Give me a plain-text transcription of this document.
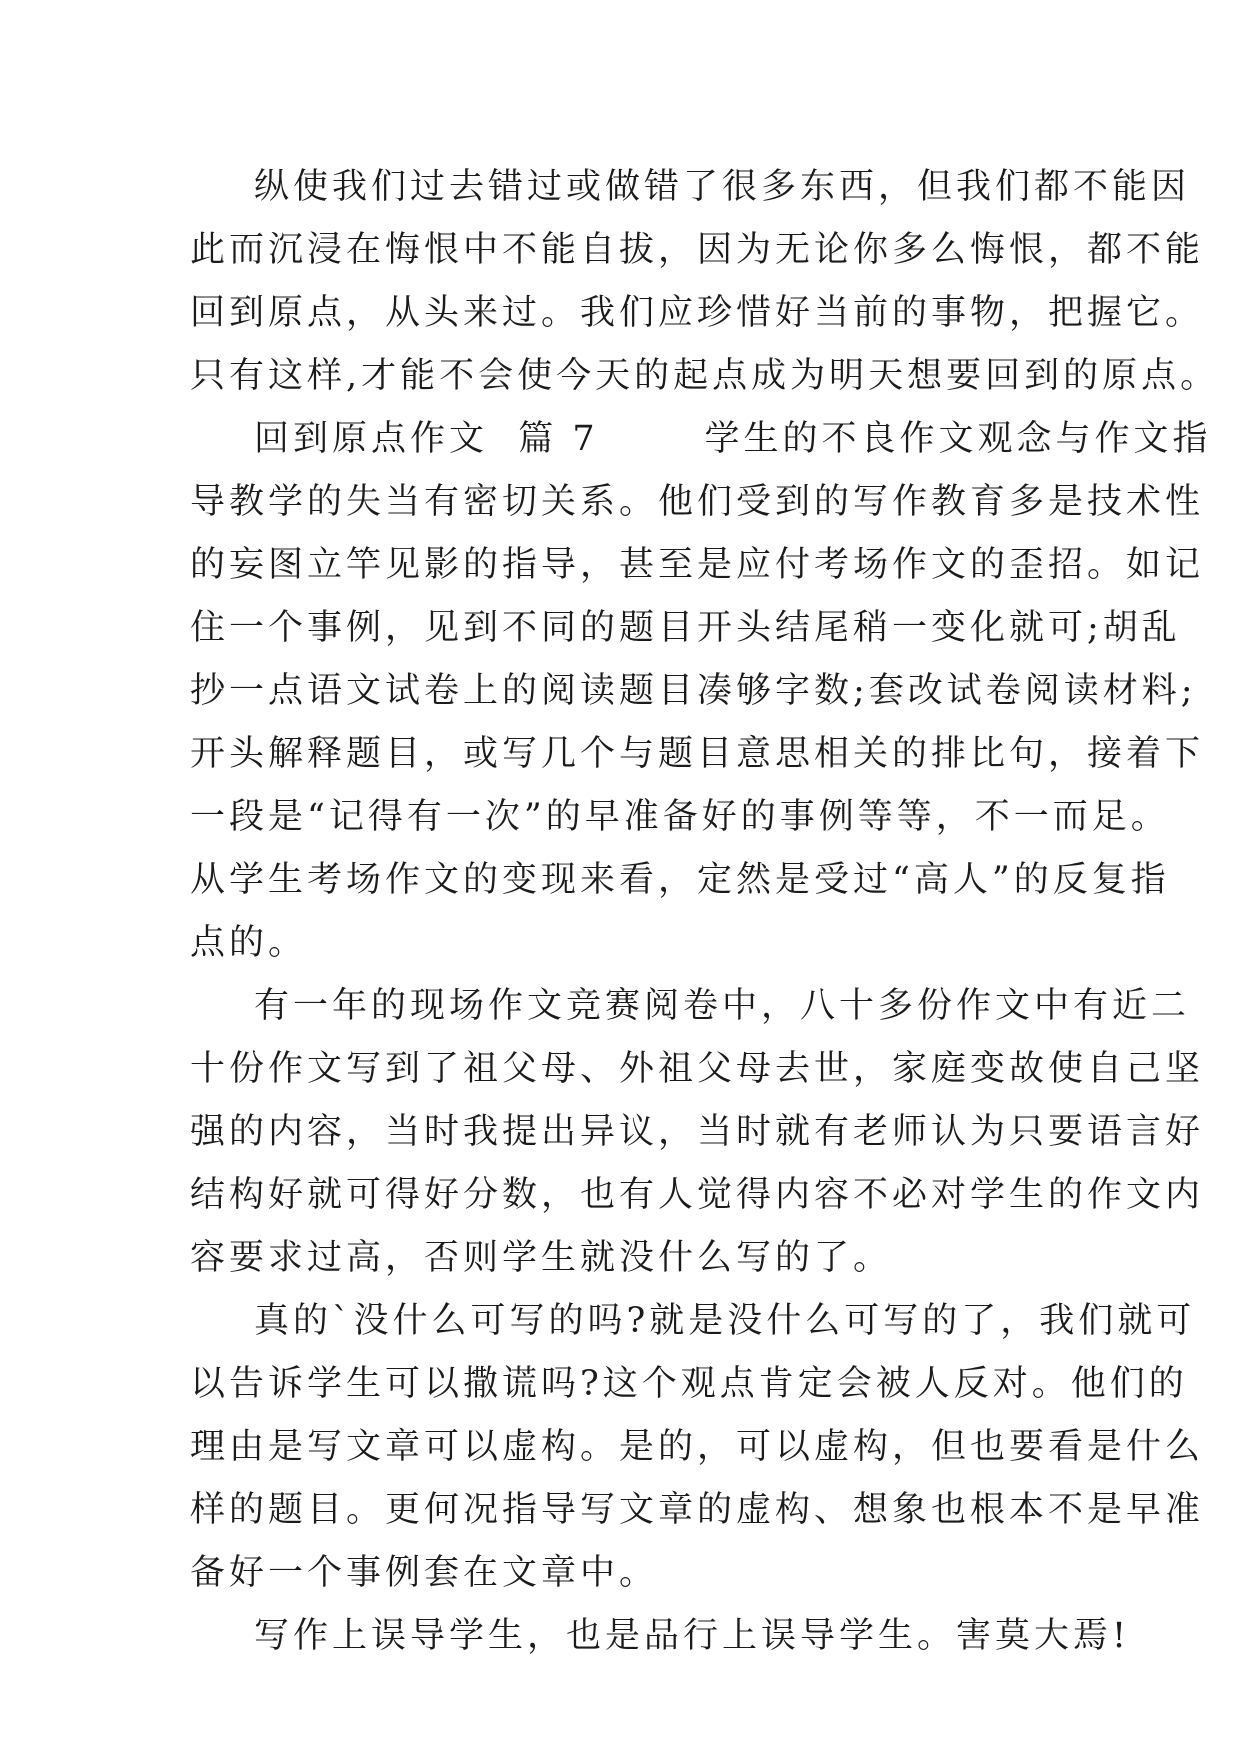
纵使我们过去错过或做错了很多东西，但我们都不能因
此而沉浸在悔恨中不能自拔，因为无论你多么悔恨，都不能
回到原点，从头来过。我们应珍惜好当前的事物，把握它。
只有这样,才能不会使今天的起点成为明天想要回到的原点。
回到原点作文  篇 7       学生的不良作文观念与作文指
导教学的失当有密切关系。他们受到的写作教育多是技术性
的妄图立竿见影的指导，甚至是应付考场作文的歪招。如记
住一个事例，见到不同的题目开头结尾稍一变化就可;胡乱
抄一点语文试卷上的阅读题目凑够字数;套改试卷阅读材料;
开头解释题目，或写几个与题目意思相关的排比句，接着下
一段是“记得有一次”的早准备好的事例等等，不一而足。
从学生考场作文的变现来看，定然是受过“高人”的反复指
点的。
有一年的现场作文竞赛阅卷中，八十多份作文中有近二
十份作文写到了祖父母、外祖父母去世，家庭变故使自己坚
强的内容，当时我提出异议，当时就有老师认为只要语言好
结构好就可得好分数，也有人觉得内容不必对学生的作文内
容要求过高，否则学生就没什么写的了。
真的`没什么可写的吗?就是没什么可写的了，我们就可
以告诉学生可以撒谎吗?这个观点肯定会被人反对。他们的
理由是写文章可以虚构。是的，可以虚构，但也要看是什么
样的题目。更何况指导写文章的虚构、想象也根本不是早准
备好一个事例套在文章中。
写作上误导学生，也是品行上误导学生。害莫大焉!
